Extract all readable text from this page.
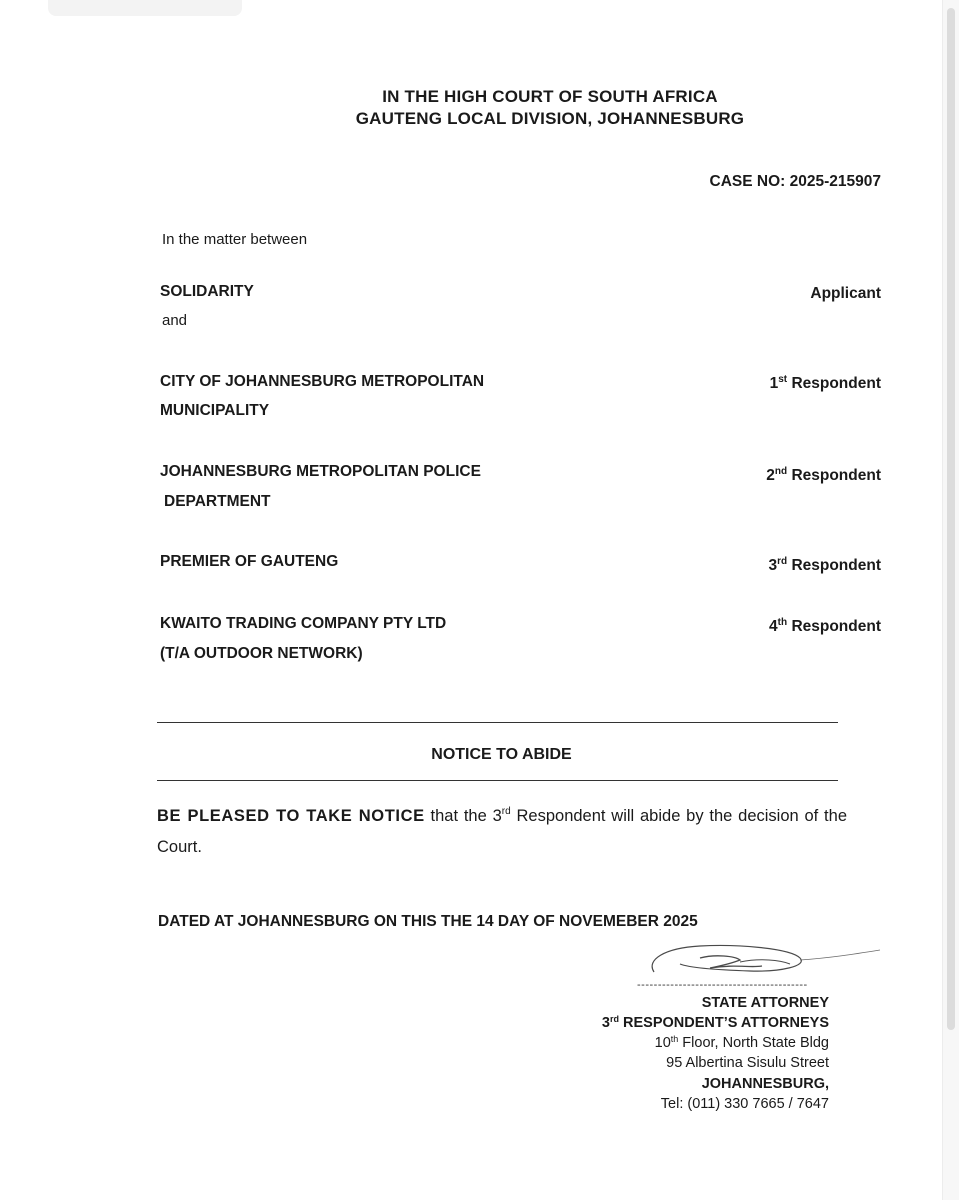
IN THE HIGH COURT OF SOUTH AFRICA
GAUTENG LOCAL DIVISION, JOHANNESBURG
CASE NO: 2025-215907
In the matter between
SOLIDARITY	Applicant
and
CITY OF JOHANNESBURG METROPOLITAN
MUNICIPALITY
1st Respondent
JOHANNESBURG METROPOLITAN POLICE
DEPARTMENT
2nd Respondent
PREMIER OF GAUTENG	3rd Respondent
KWAITO TRADING COMPANY PTY LTD
(T/A OUTDOOR NETWORK)
4th Respondent
NOTICE TO ABIDE
BE PLEASED TO TAKE NOTICE that the 3rd Respondent will abide by the decision of the Court.
DATED AT JOHANNESBURG ON THIS THE 14 DAY OF NOVEMEBER 2025
-----------------------------------------
STATE ATTORNEY
3rd RESPONDENT’S ATTORNEYS
10th Floor, North State Bldg
95 Albertina Sisulu Street
JOHANNESBURG,
Tel: (011) 330 7665 / 7647
